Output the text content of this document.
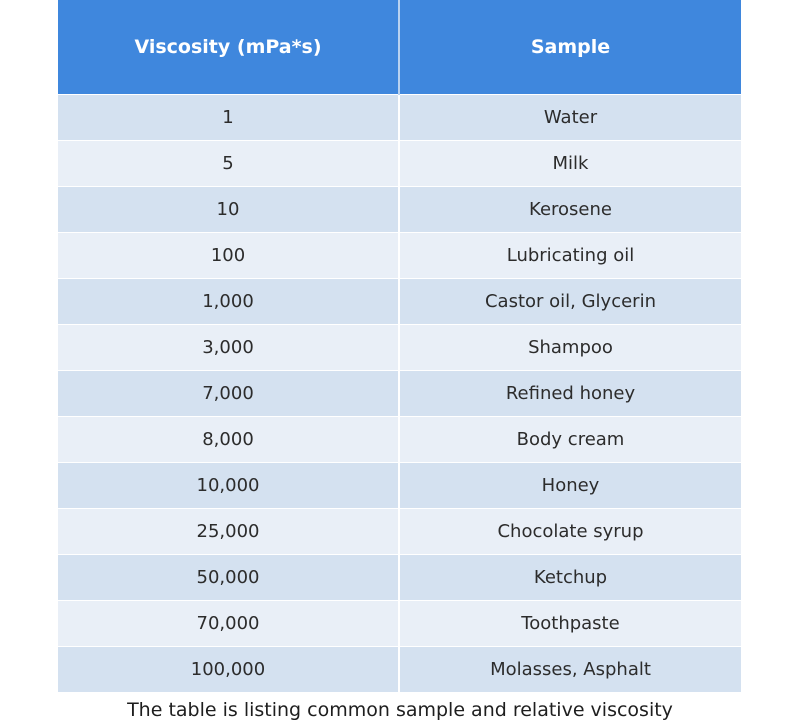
Viscosity (mPa*s)	Sample
1	Water
5	Milk
10	Kerosene
100	Lubricating oil
1,000	Castor oil, Glycerin
3,000	Shampoo
7,000	Refined honey
8,000	Body cream
10,000	Honey
25,000	Chocolate syrup
50,000	Ketchup
70,000	Toothpaste
100,000	Molasses, Asphalt
The table is listing common sample and relative viscosity
